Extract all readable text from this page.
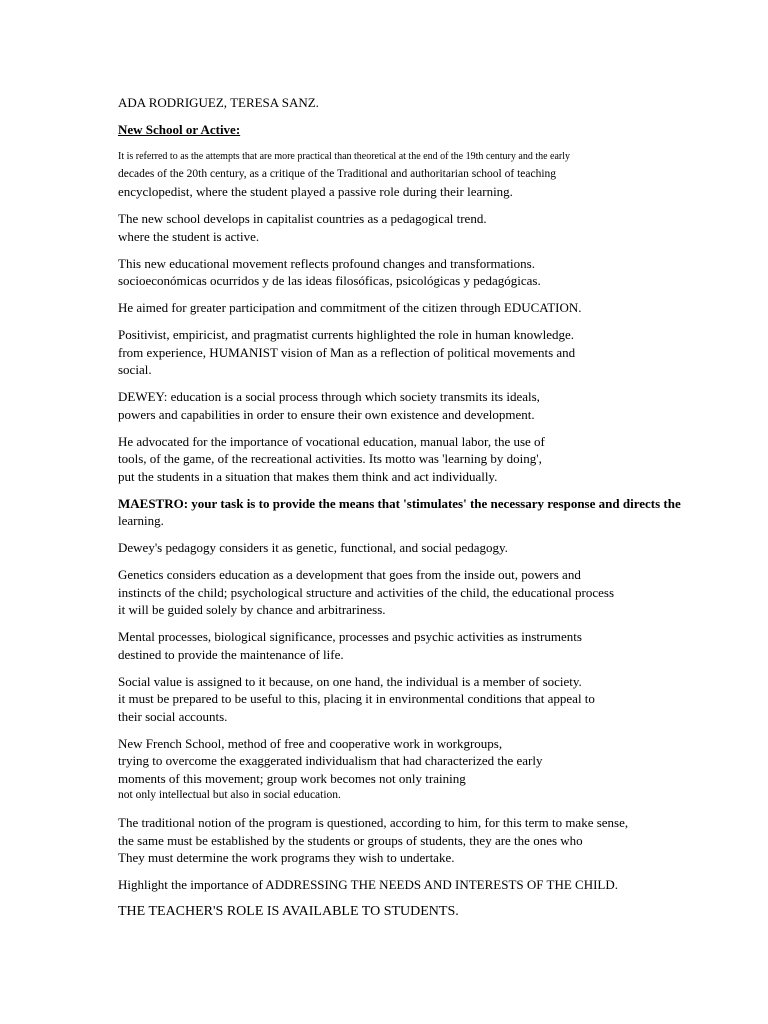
ADA RODRIGUEZ, TERESA SANZ.
New School or Active:
It is referred to as the attempts that are more practical than theoretical at the end of the 19th century and the early
decades of the 20th century, as a critique of the Traditional and authoritarian school of teaching
encyclopedist, where the student played a passive role during their learning.
The new school develops in capitalist countries as a pedagogical trend.
where the student is active.
This new educational movement reflects profound changes and transformations.
socioeconómicas ocurridos y de las ideas filosóficas, psicológicas y pedagógicas.
He aimed for greater participation and commitment of the citizen through EDUCATION.
Positivist, empiricist, and pragmatist currents highlighted the role in human knowledge.
from experience, HUMANIST vision of Man as a reflection of political movements and
social.
DEWEY: education is a social process through which society transmits its ideals,
powers and capabilities in order to ensure their own existence and development.
He advocated for the importance of vocational education, manual labor, the use of
tools, of the game, of the recreational activities. Its motto was 'learning by doing',
put the students in a situation that makes them think and act individually.
MAESTRO: your task is to provide the means that 'stimulates' the necessary response and directs the
learning.
Dewey's pedagogy considers it as genetic, functional, and social pedagogy.
Genetics considers education as a development that goes from the inside out, powers and
instincts of the child; psychological structure and activities of the child, the educational process
it will be guided solely by chance and arbitrariness.
Mental processes, biological significance, processes and psychic activities as instruments
destined to provide the maintenance of life.
Social value is assigned to it because, on one hand, the individual is a member of society.
it must be prepared to be useful to this, placing it in environmental conditions that appeal to
their social accounts.
New French School, method of free and cooperative work in workgroups,
trying to overcome the exaggerated individualism that had characterized the early
moments of this movement; group work becomes not only training
not only intellectual but also in social education.
The traditional notion of the program is questioned, according to him, for this term to make sense,
the same must be established by the students or groups of students, they are the ones who
They must determine the work programs they wish to undertake.
Highlight the importance of ADDRESSING THE NEEDS AND INTERESTS OF THE CHILD.
THE TEACHER'S ROLE IS AVAILABLE TO STUDENTS.
